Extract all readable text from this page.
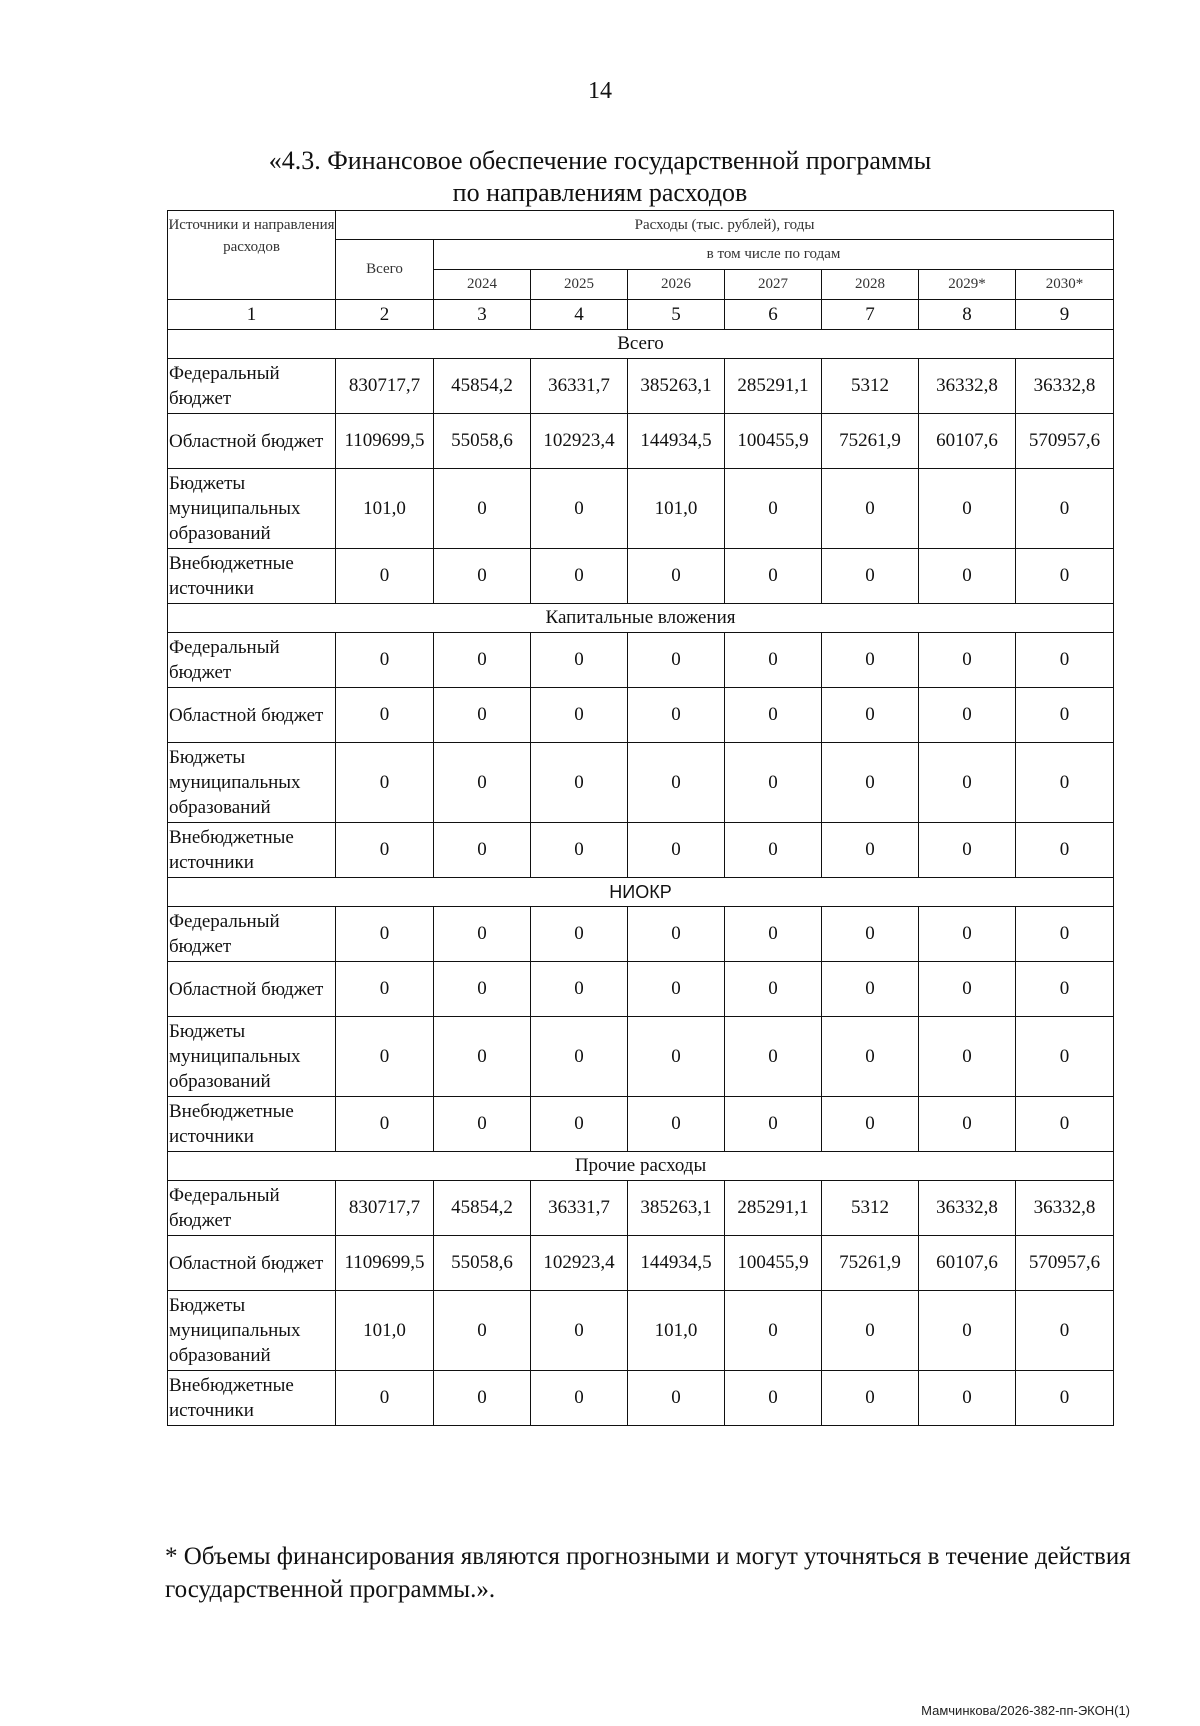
14
«4.3. Финансовое обеспечение государственной программы
по направлениям расходов
Источники и направления расходов	Расходы (тыс. рублей), годы							
	Всего	в том числе по годам						
		2024	2025	2026	2027	2028	2029*	2030*
1	2	3	4	5	6	7	8	9
Всего								
Федеральный бюджет	830717,7	45854,2	36331,7	385263,1	285291,1	5312	36332,8	36332,8
Областной бюджет	1109699,5	55058,6	102923,4	144934,5	100455,9	75261,9	60107,6	570957,6
Бюджеты муниципальных образований	101,0	0	0	101,0	0	0	0	0
Внебюджетные источники	0	0	0	0	0	0	0	0
Капитальные вложения								
Федеральный бюджет	0	0	0	0	0	0	0	0
Областной бюджет	0	0	0	0	0	0	0	0
Бюджеты муниципальных образований	0	0	0	0	0	0	0	0
Внебюджетные источники	0	0	0	0	0	0	0	0
НИОКР								
Федеральный бюджет	0	0	0	0	0	0	0	0
Областной бюджет	0	0	0	0	0	0	0	0
Бюджеты муниципальных образований	0	0	0	0	0	0	0	0
Внебюджетные источники	0	0	0	0	0	0	0	0
Прочие расходы								
Федеральный бюджет	830717,7	45854,2	36331,7	385263,1	285291,1	5312	36332,8	36332,8
Областной бюджет	1109699,5	55058,6	102923,4	144934,5	100455,9	75261,9	60107,6	570957,6
Бюджеты муниципальных образований	101,0	0	0	101,0	0	0	0	0
Внебюджетные источники	0	0	0	0	0	0	0	0
* Объемы финансирования являются прогнозными и могут уточняться в течение действия государственной программы.».
Мамчинкова/2026-382-пп-ЭКОН(1)
